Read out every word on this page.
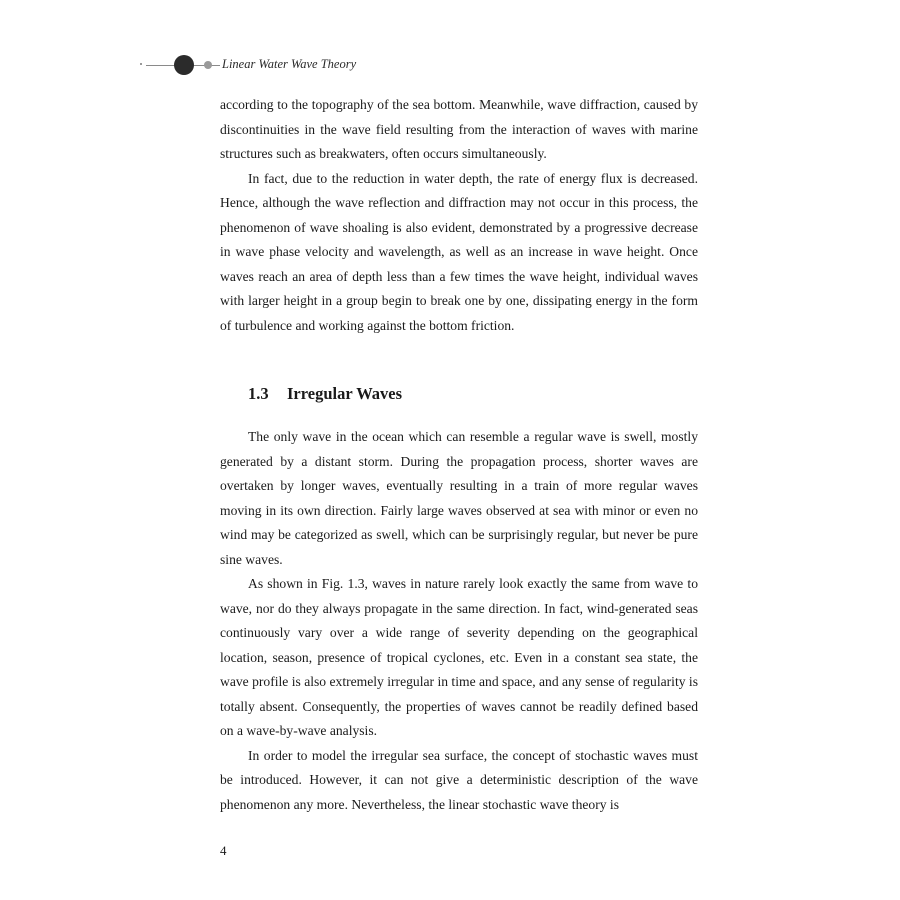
Linear Water Wave Theory

according to the topography of the sea bottom. Meanwhile, wave diffraction, caused by discontinuities in the wave field resulting from the interaction of waves with marine structures such as breakwaters, often occurs simultaneously.

In fact, due to the reduction in water depth, the rate of energy flux is decreased. Hence, although the wave reflection and diffraction may not occur in this process, the phenomenon of wave shoaling is also evident, demonstrated by a progressive decrease in wave phase velocity and wavelength, as well as an increase in wave height. Once waves reach an area of depth less than a few times the wave height, individual waves with larger height in a group begin to break one by one, dissipating energy in the form of turbulence and working against the bottom friction.

1.3 Irregular Waves

The only wave in the ocean which can resemble a regular wave is swell, mostly generated by a distant storm. During the propagation process, shorter waves are overtaken by longer waves, eventually resulting in a train of more regular waves moving in its own direction. Fairly large waves observed at sea with minor or even no wind may be categorized as swell, which can be surprisingly regular, but never be pure sine waves.

As shown in Fig. 1.3, waves in nature rarely look exactly the same from wave to wave, nor do they always propagate in the same direction. In fact, wind-generated seas continuously vary over a wide range of severity depending on the geographical location, season, presence of tropical cyclones, etc. Even in a constant sea state, the wave profile is also extremely irregular in time and space, and any sense of regularity is totally absent. Consequently, the properties of waves cannot be readily defined based on a wave-by-wave analysis.

In order to model the irregular sea surface, the concept of stochastic waves must be introduced. However, it can not give a deterministic description of the wave phenomenon any more. Nevertheless, the linear stochastic wave theory is

4
